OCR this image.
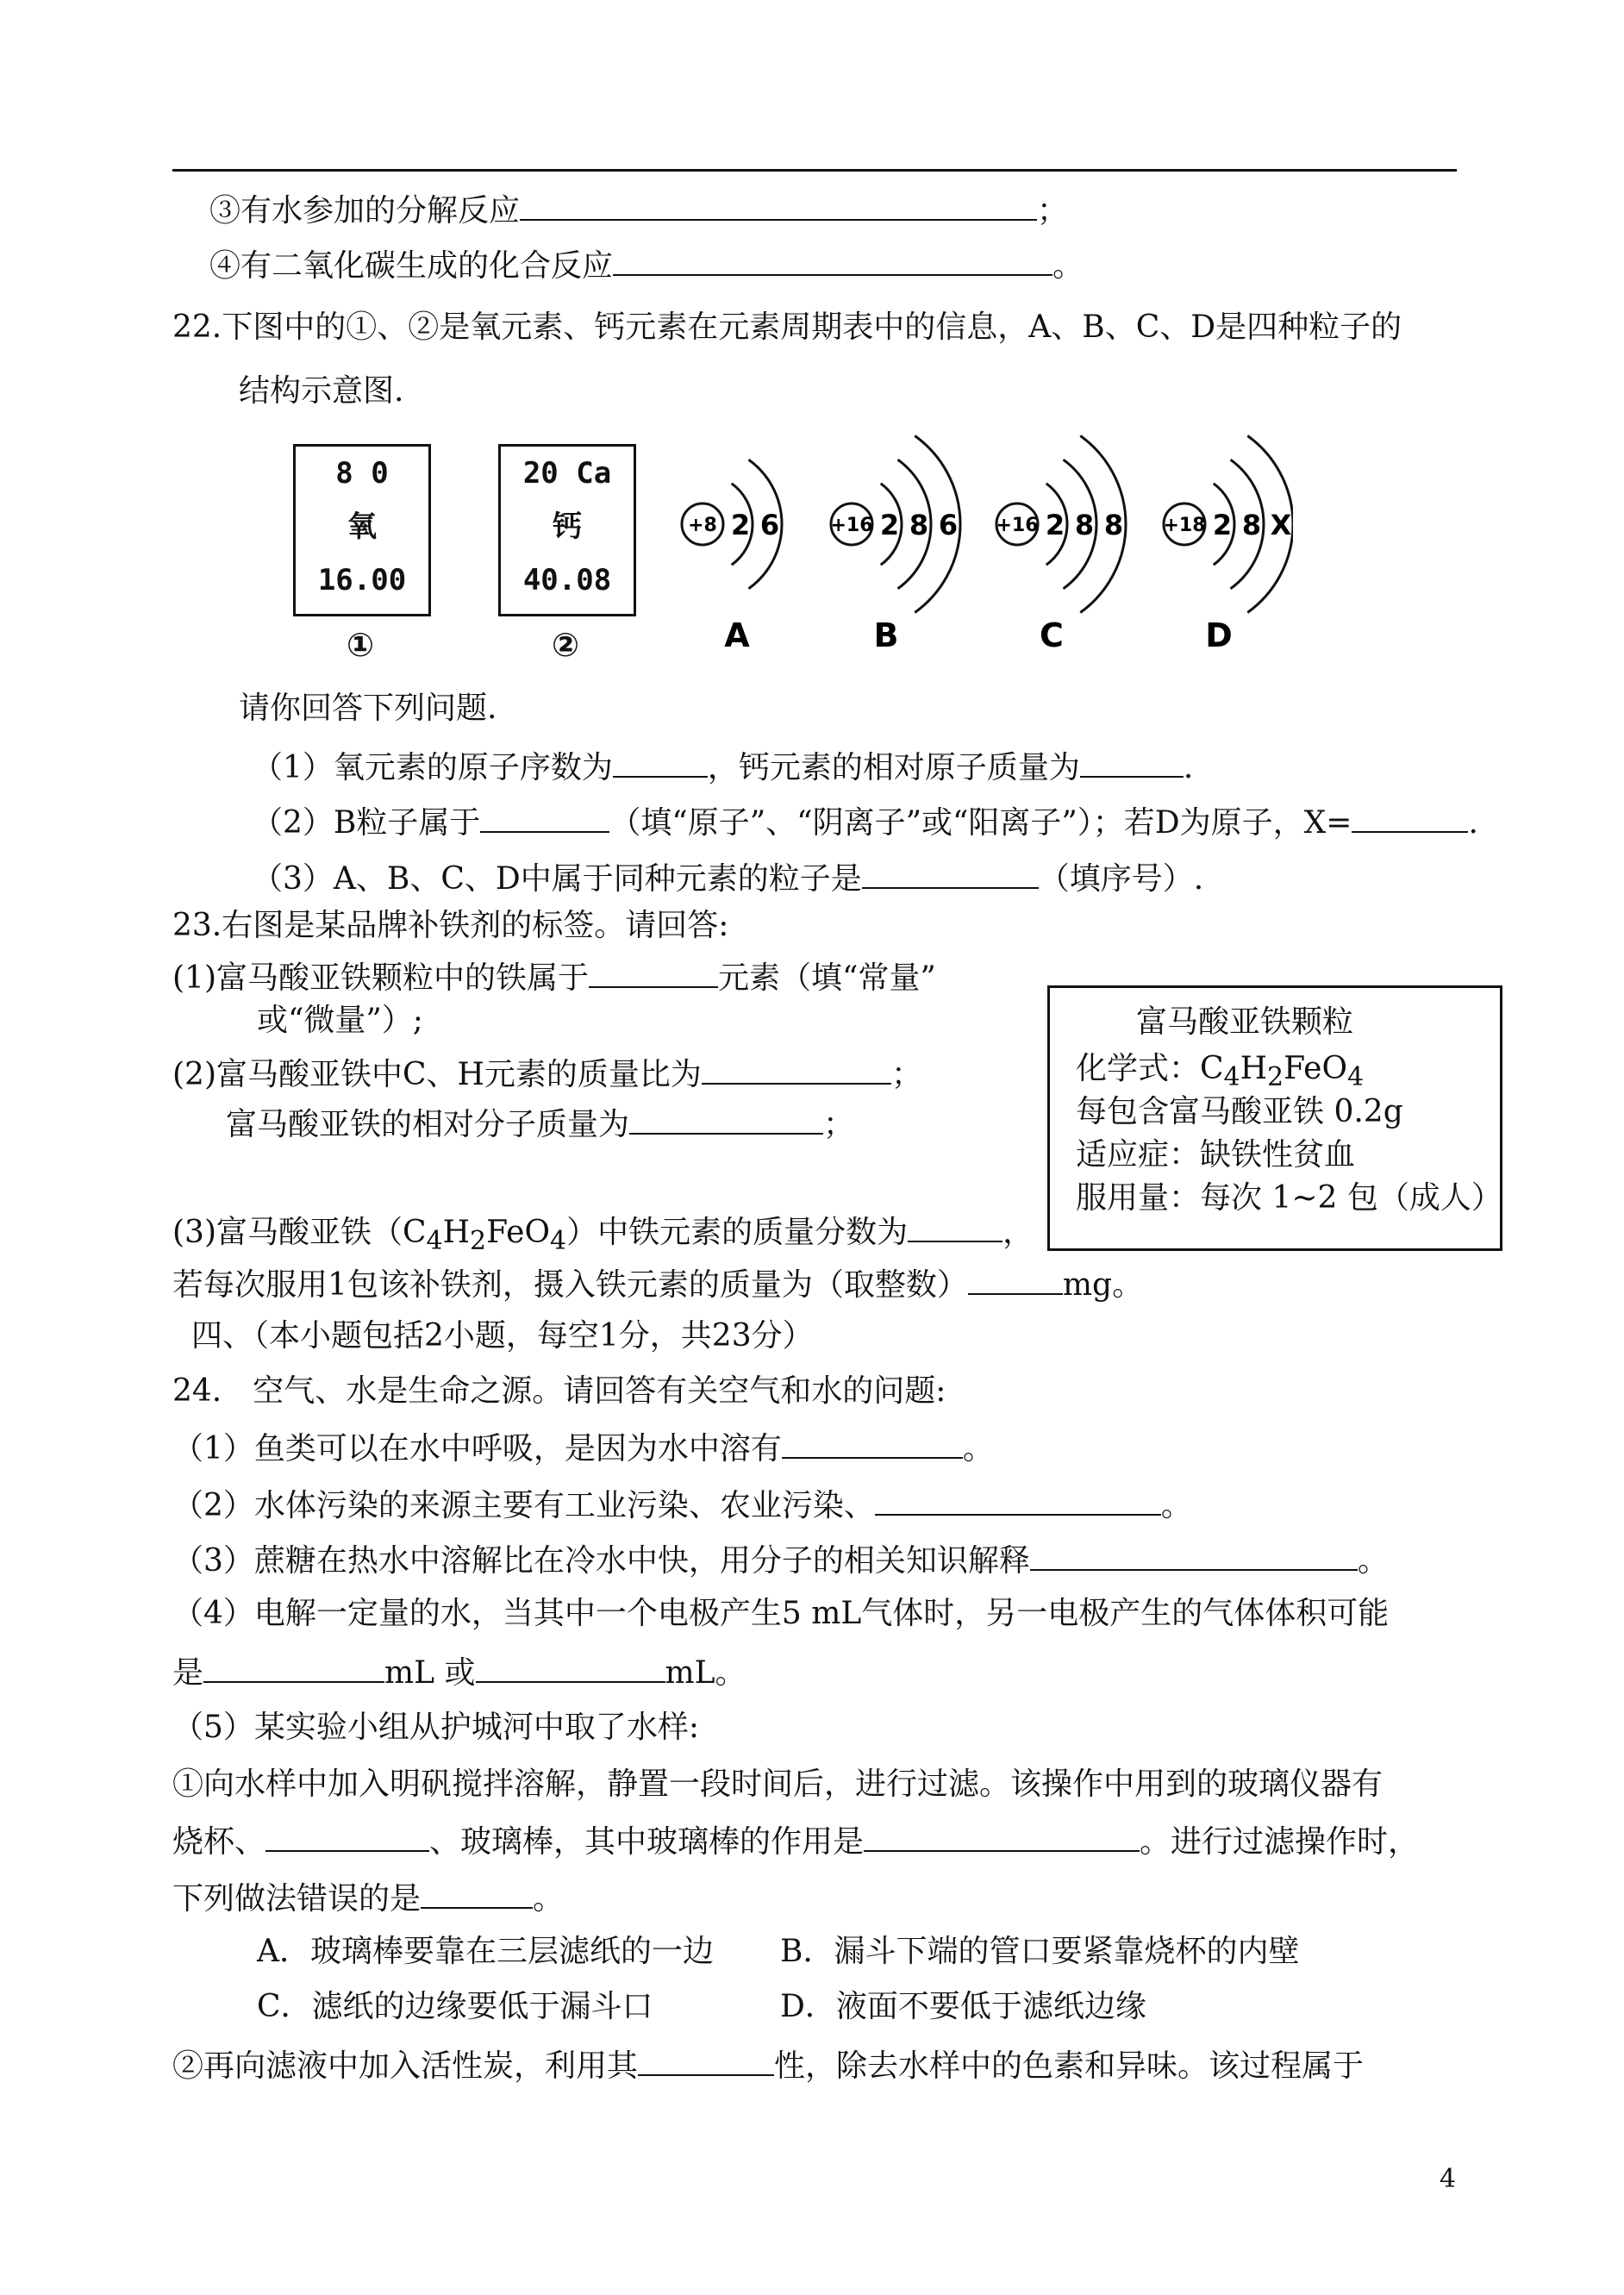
③有水参加的分解反应	；
④有二氧化碳生成的化合反应	。
22.下图中的①、②是氧元素、钙元素在元素周期表中的信息，A、B、C、D是四种粒子的
结构示意图.
8 0
氧
16.00
①
20 Ca
钙
40.08
②
+8 2 6
A
+16 2 8 6
B
+16 2 8 8
C
+18 2 8 X
D
请你回答下列问题.
（1）氧元素的原子序数为	，钙元素的相对原子质量为	.
（2）B粒子属于	（填“原子”、“阴离子”或“阳离子”）；若D为原子，X=	.
（3）A、B、C、D中属于同种元素的粒子是	（填序号）.
23.右图是某品牌补铁剂的标签。请回答:
(1)富马酸亚铁颗粒中的铁属于	元素（填“常量”
或“微量”）;
(2)富马酸亚铁中C、H元素的质量比为	；
富马酸亚铁的相对分子质量为	；
富马酸亚铁颗粒
化学式：$C_4H_2FeO_4$
每包含富马酸亚铁 0.2g
适应症：缺铁性贫血
服用量：每次 1~2 包（成人）
(3)富马酸亚铁$(C_4H_2FeO_4)$中铁元素的质量分数为	，
若每次服用1包该补铁剂，摄入铁元素的质量为（取整数）	mg。
四、（本小题包括2小题，每空1分，共23分）
24.　空气、水是生命之源。请回答有关空气和水的问题:
（1）鱼类可以在水中呼吸，是因为水中溶有	。
（2）水体污染的来源主要有工业污染、农业污染、	。
（3）蔗糖在热水中溶解比在冷水中快，用分子的相关知识解释	。
（4）电解一定量的水，当其中一个电极产生5 mL气体时，另一电极产生的气体体积可能
是	mL 或	mL。
（5）某实验小组从护城河中取了水样:
①向水样中加入明矾搅拌溶解，静置一段时间后，进行过滤。该操作中用到的玻璃仪器有
烧杯、	、玻璃棒，其中玻璃棒的作用是	。进行过滤操作时，
下列做法错误的是	。
A．玻璃棒要靠在三层滤纸的一边 B．漏斗下端的管口要紧靠烧杯的内壁
C．滤纸的边缘要低于漏斗口	D．液面不要低于滤纸边缘
②再向滤液中加入活性炭，利用其	性，除去水样中的色素和异味。该过程属于
4
